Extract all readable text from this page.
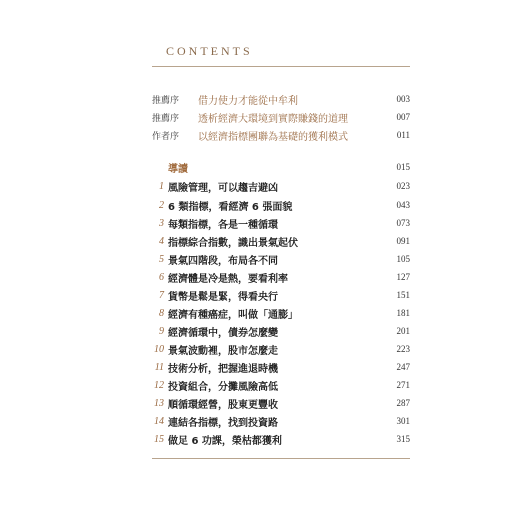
CONTENTS
推薦序 借力使力才能從中牟利	003
推薦序 透析經濟大環境到實際賺錢的道理	007
作者序 以經濟指標團聯為基礎的獲利模式	011
導讀	015
1 風險管理，可以趨吉避凶	023
2 6 類指標，看經濟 6 張面貌	043
3 每類指標，各是一種循環	073
4 指標綜合指數，識出景氣起伏	091
5 景氣四階段，布局各不同	105
6 經濟體是冷是熱，要看利率	127
7 貨幣是鬆是緊，得看央行	151
8 經濟有種癌症，叫做「通膨」	181
9 經濟循環中，債券怎麼變	201
10 景氣波動裡，股市怎麼走	223
11 技術分析，把握進退時機	247
12 投資組合，分攤風險高低	271
13 順循環經營，股東更豐收	287
14 連結各指標，找到投資路	301
15 做足 6 功課，榮枯都獲利	315
